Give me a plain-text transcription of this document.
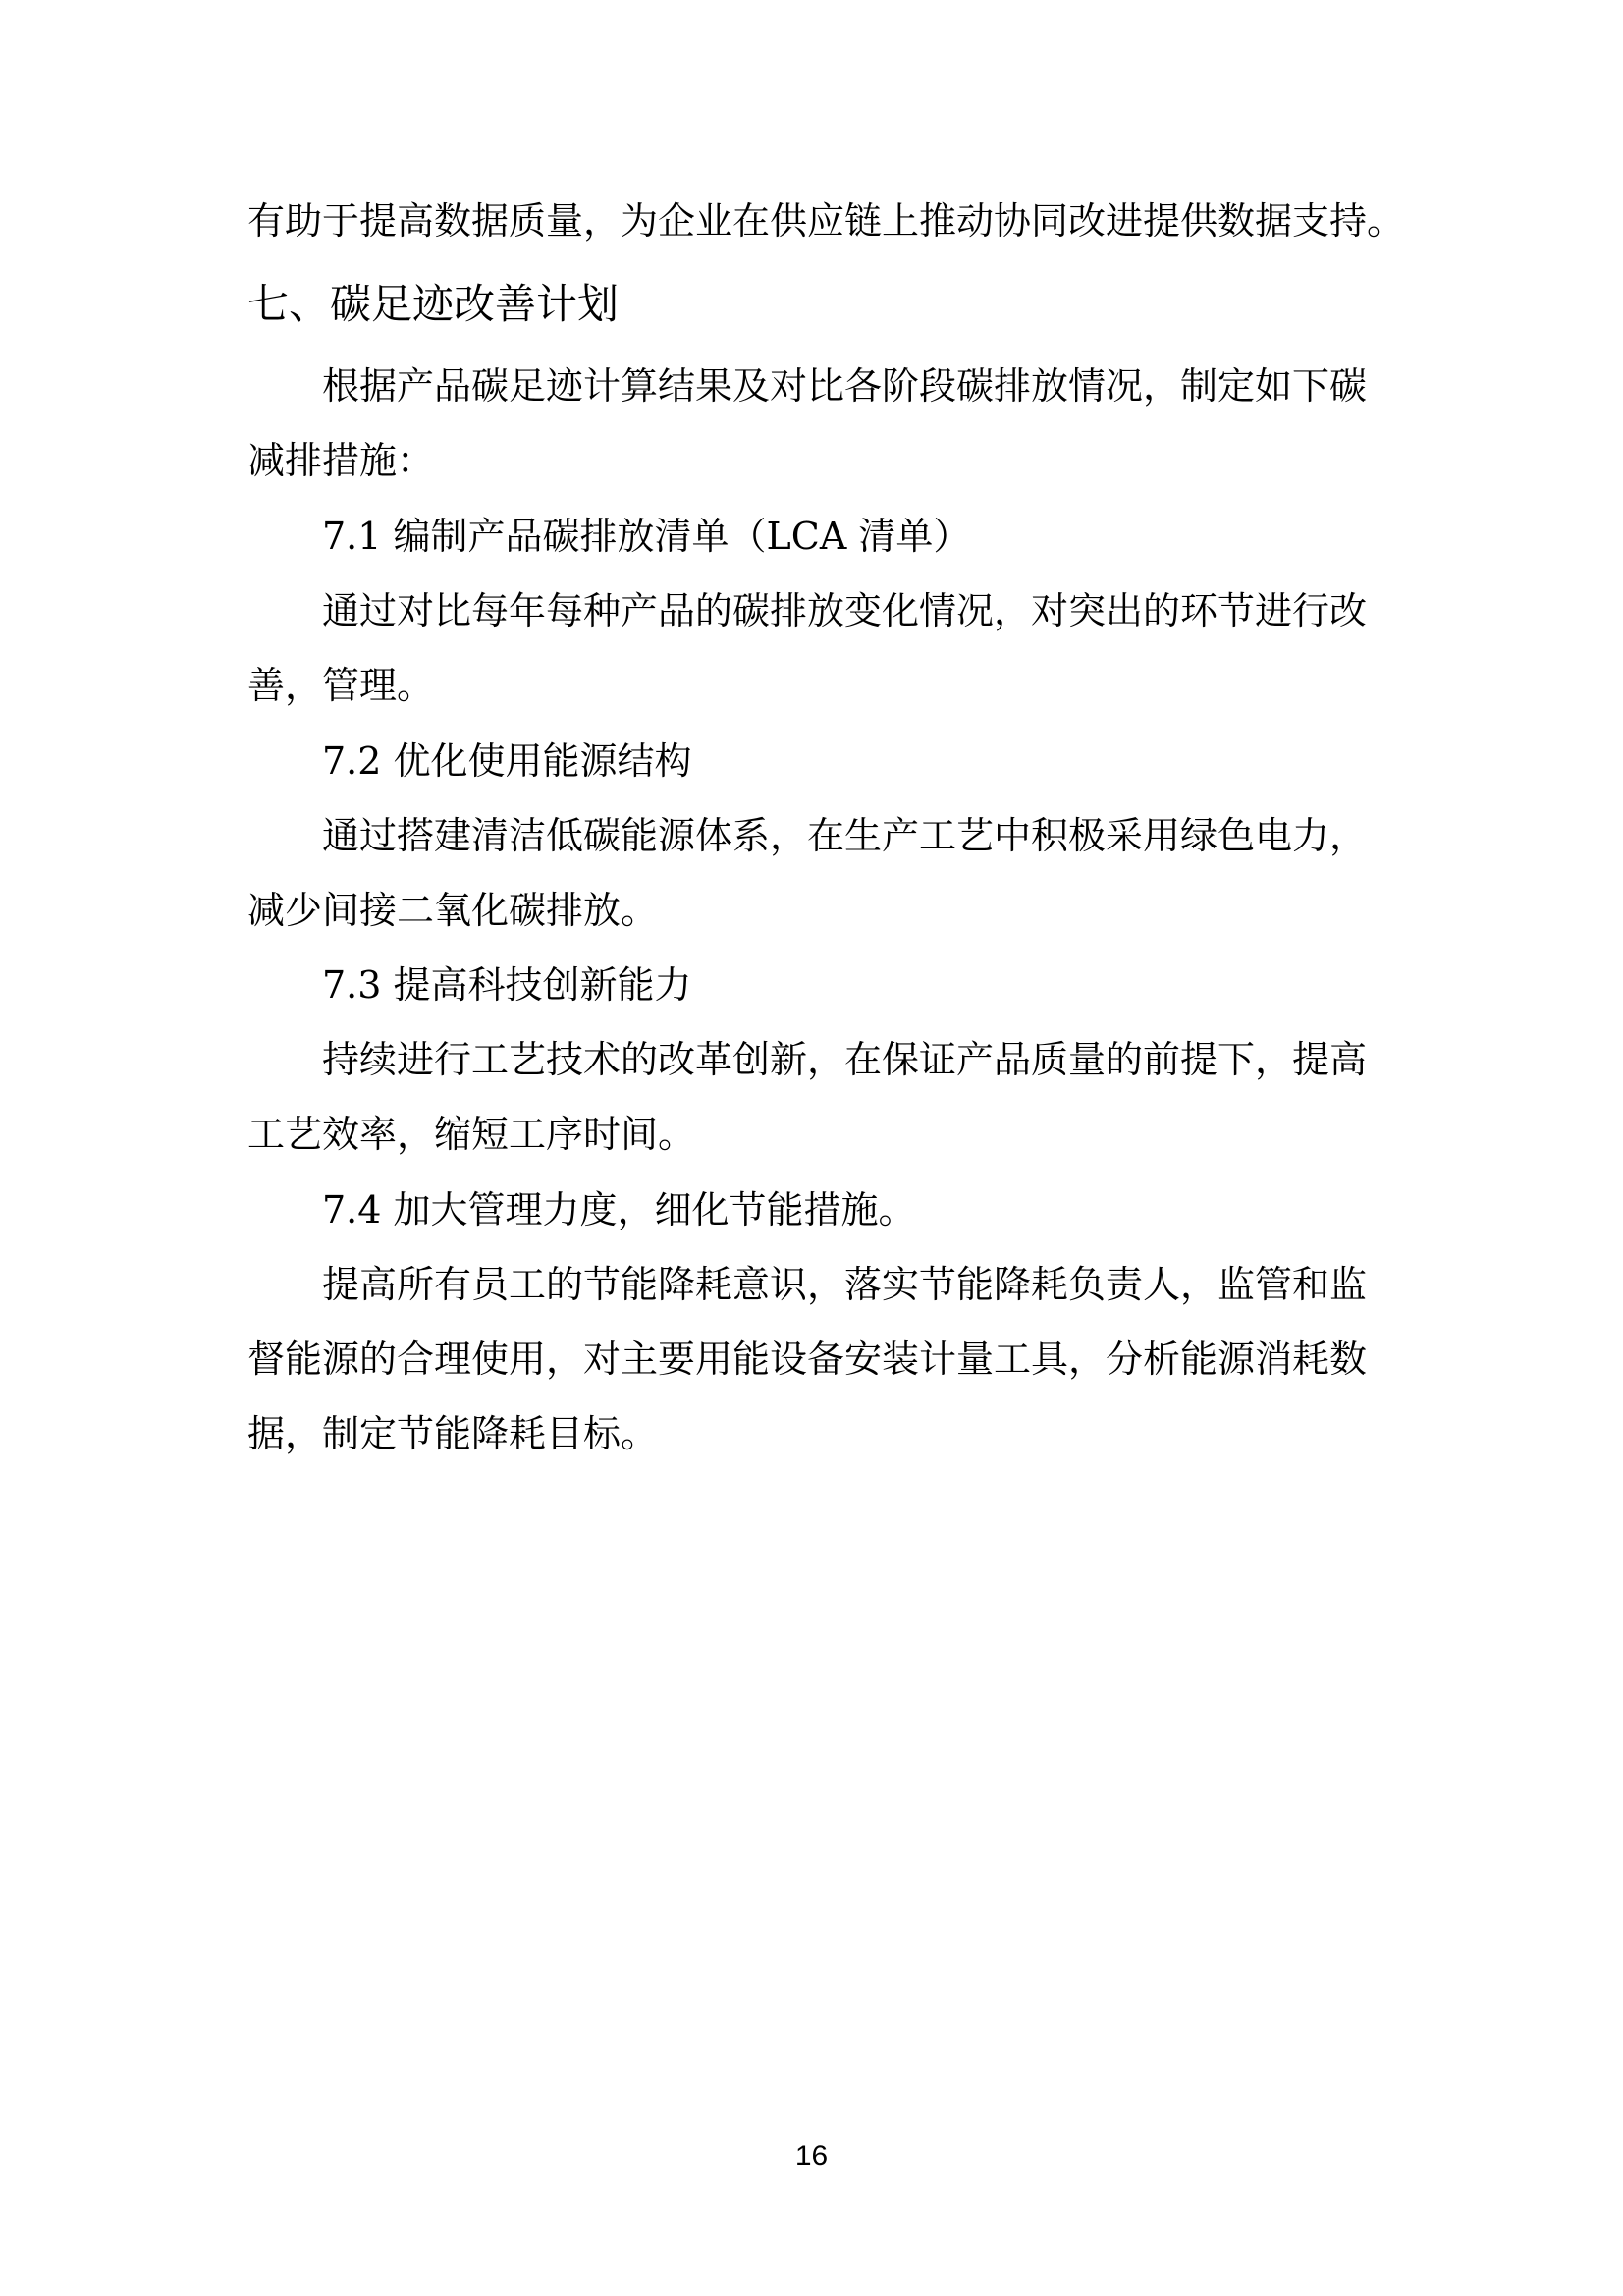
有助于提高数据质量，为企业在供应链上推动协同改进提供数据支持。
七、碳足迹改善计划
根据产品碳足迹计算结果及对比各阶段碳排放情况，制定如下碳
减排措施：
7.1 编制产品碳排放清单（LCA 清单）
通过对比每年每种产品的碳排放变化情况，对突出的环节进行改
善，管理。
7.2 优化使用能源结构
通过搭建清洁低碳能源体系，在生产工艺中积极采用绿色电力，
减少间接二氧化碳排放。
7.3 提高科技创新能力
持续进行工艺技术的改革创新，在保证产品质量的前提下，提高
工艺效率，缩短工序时间。
7.4 加大管理力度，细化节能措施。
提高所有员工的节能降耗意识，落实节能降耗负责人，监管和监
督能源的合理使用，对主要用能设备安装计量工具，分析能源消耗数
据，制定节能降耗目标。
16
